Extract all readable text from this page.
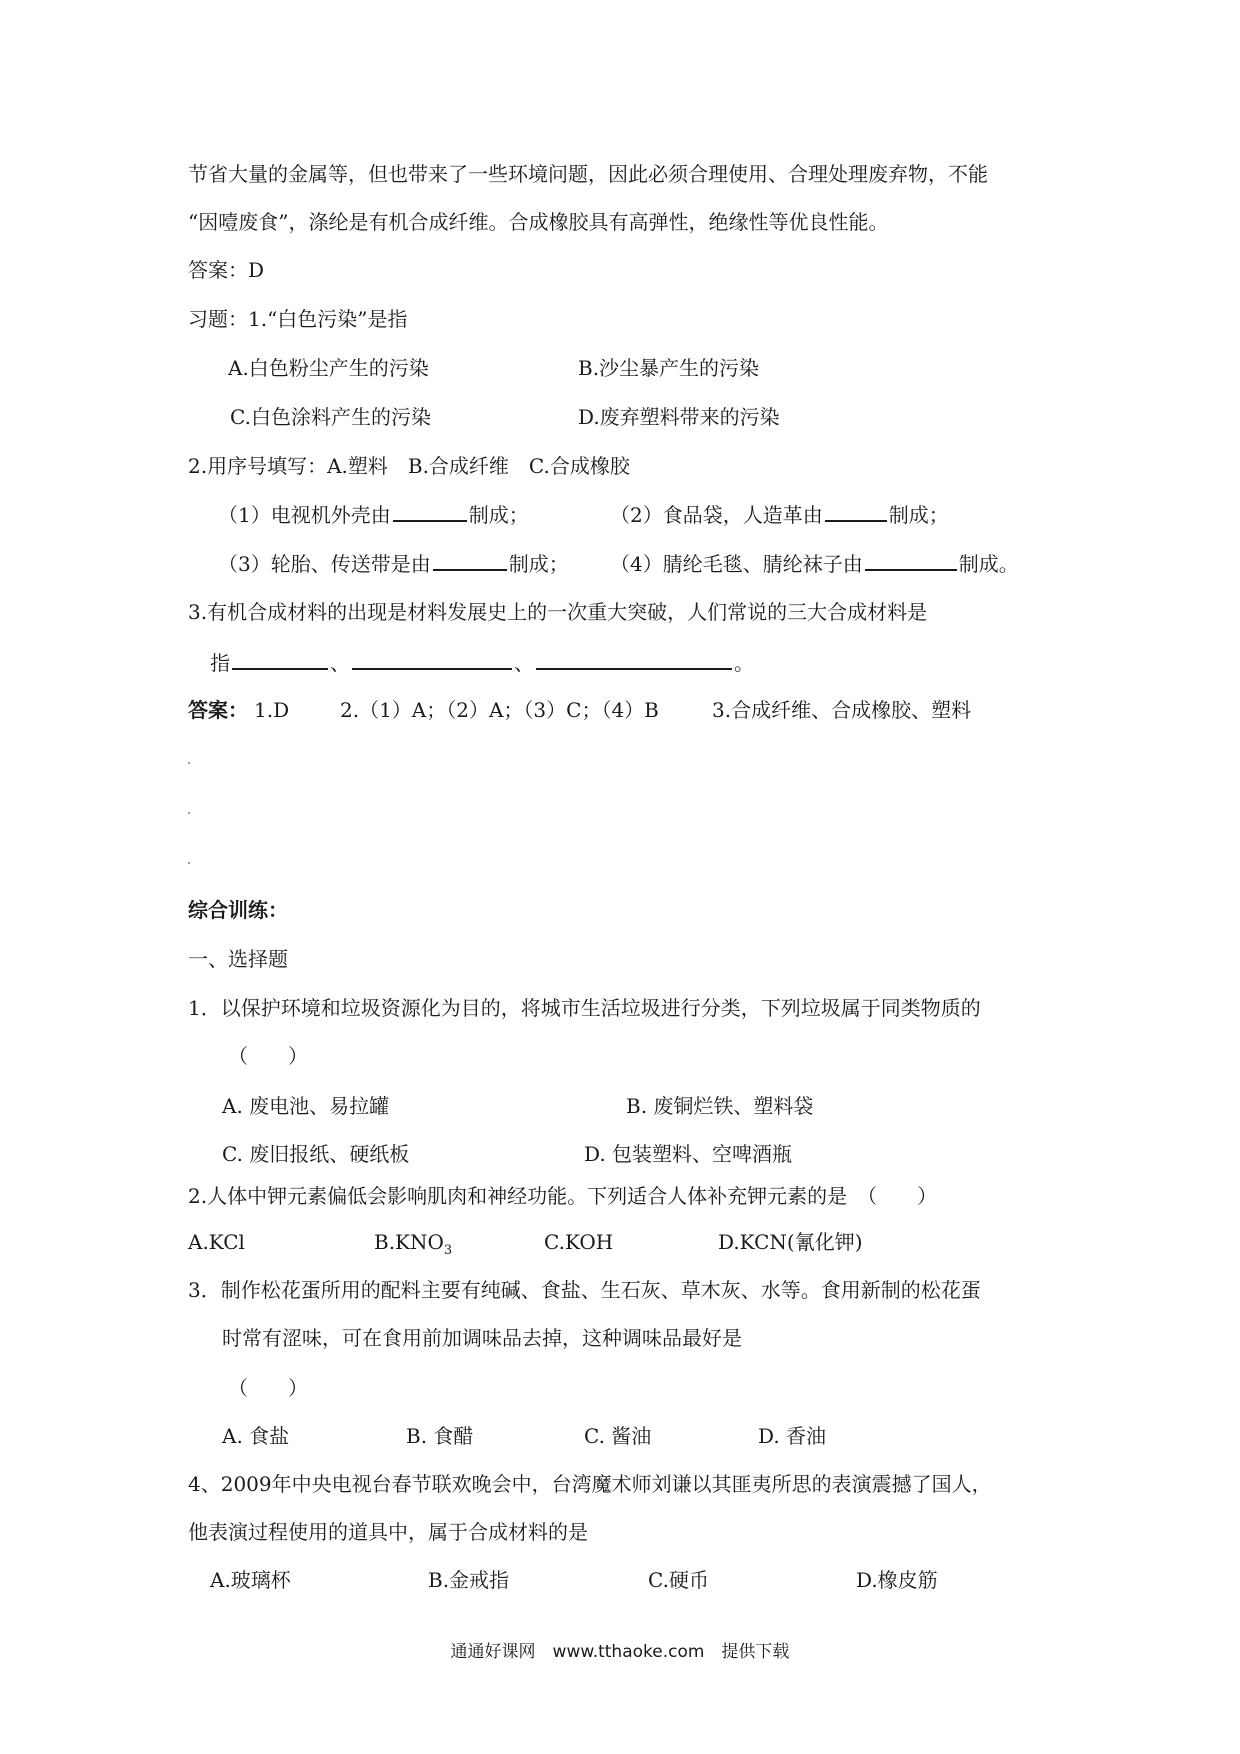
节省大量的金属等，但也带来了一些环境问题，因此必须合理使用、合理处理废弃物，不能
“因噎废食”，涤纶是有机合成纤维。合成橡胶具有高弹性，绝缘性等优良性能。
答案：D
习题：1.“白色污染”是指
A.白色粉尘产生的污染	B.沙尘暴产生的污染
C.白色涂料产生的污染	D.废弃塑料带来的污染
2.用序号填写：A.塑料　B.合成纤维　C.合成橡胶
（1）电视机外壳由	制成；	（2）食品袋，人造革由	制成；
（3）轮胎、传送带是由	制成； （4）腈纶毛毯、腈纶袜子由	制成。
3.有机合成材料的出现是材料发展史上的一次重大突破，人们常说的三大合成材料是
指	、	、	。
答案： 1.D	2.（1）A；（2）A；（3）C；（4）B	3.合成纤维、合成橡胶、塑料
综合训练：
一、选择题
1．以保护环境和垃圾资源化为目的，将城市生活垃圾进行分类，下列垃圾属于同类物质的
（　　）
A. 废电池、易拉罐	B. 废铜烂铁、塑料袋
C. 废旧报纸、硬纸板	D. 包装塑料、空啤酒瓶
2.人体中钾元素偏低会影响肌肉和神经功能。下列适合人体补充钾元素的是　（　　）
A.KCl	$B.KNO_3$	C.KOH	D.KCN(氰化钾)
3．制作松花蛋所用的配料主要有纯碱、食盐、生石灰、草木灰、水等。食用新制的松花蛋
时常有涩味，可在食用前加调味品去掉，这种调味品最好是
（　　）
A. 食盐	B. 食醋	C. 酱油	D. 香油
4、2009年中央电视台春节联欢晚会中，台湾魔术师刘谦以其匪夷所思的表演震撼了国人，
他表演过程使用的道具中，属于合成材料的是
A.玻璃杯	B.金戒指	C.硬币	D.橡皮筋
通通好课网　www.tthaoke.com　提供下载
